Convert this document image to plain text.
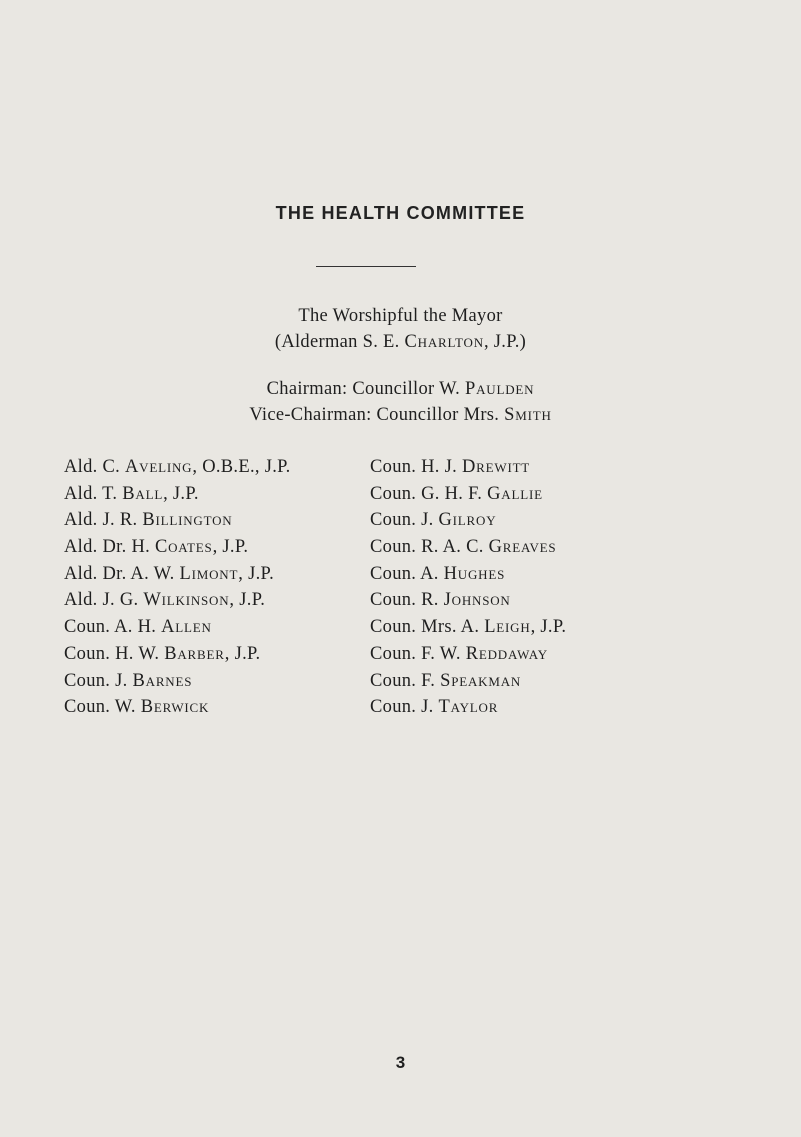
THE HEALTH COMMITTEE
The Worshipful the Mayor
(Alderman S. E. Charlton, J.P.)
Chairman: Councillor W. Paulden
Vice-Chairman: Councillor Mrs. Smith
Ald. C. Aveling, O.B.E., J.P.
Ald. T. Ball, J.P.
Ald. J. R. Billington
Ald. Dr. H. Coates, J.P.
Ald. Dr. A. W. Limont, J.P.
Ald. J. G. Wilkinson, J.P.
Coun. A. H. Allen
Coun. H. W. Barber, J.P.
Coun. J. Barnes
Coun. W. Berwick
Coun. H. J. Drewitt
Coun. G. H. F. Gallie
Coun. J. Gilroy
Coun. R. A. C. Greaves
Coun. A. Hughes
Coun. R. Johnson
Coun. Mrs. A. Leigh, J.P.
Coun. F. W. Reddaway
Coun. F. Speakman
Coun. J. Taylor
3
